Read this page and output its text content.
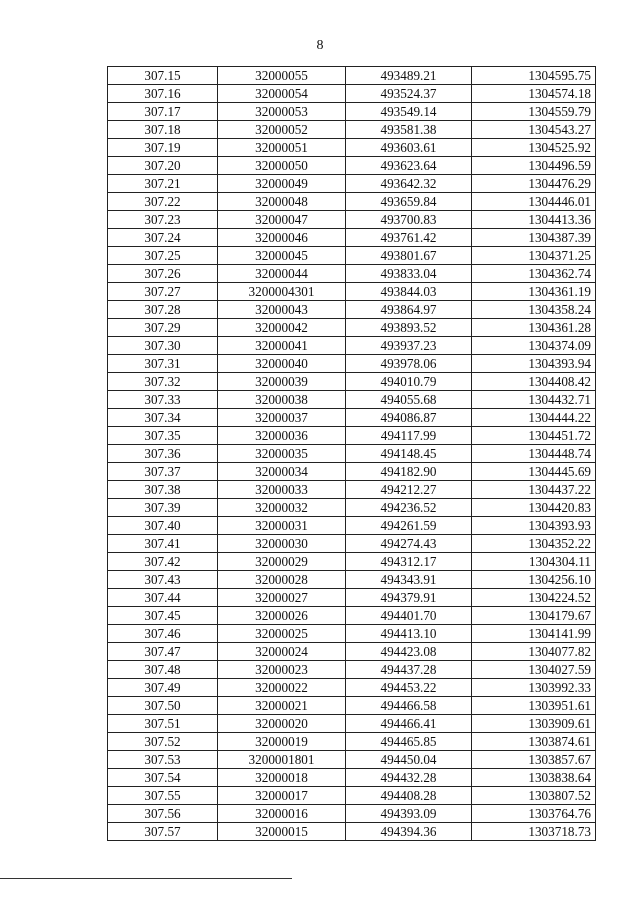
8
307.15	32000055	493489.21	1304595.75
307.16	32000054	493524.37	1304574.18
307.17	32000053	493549.14	1304559.79
307.18	32000052	493581.38	1304543.27
307.19	32000051	493603.61	1304525.92
307.20	32000050	493623.64	1304496.59
307.21	32000049	493642.32	1304476.29
307.22	32000048	493659.84	1304446.01
307.23	32000047	493700.83	1304413.36
307.24	32000046	493761.42	1304387.39
307.25	32000045	493801.67	1304371.25
307.26	32000044	493833.04	1304362.74
307.27	3200004301	493844.03	1304361.19
307.28	32000043	493864.97	1304358.24
307.29	32000042	493893.52	1304361.28
307.30	32000041	493937.23	1304374.09
307.31	32000040	493978.06	1304393.94
307.32	32000039	494010.79	1304408.42
307.33	32000038	494055.68	1304432.71
307.34	32000037	494086.87	1304444.22
307.35	32000036	494117.99	1304451.72
307.36	32000035	494148.45	1304448.74
307.37	32000034	494182.90	1304445.69
307.38	32000033	494212.27	1304437.22
307.39	32000032	494236.52	1304420.83
307.40	32000031	494261.59	1304393.93
307.41	32000030	494274.43	1304352.22
307.42	32000029	494312.17	1304304.11
307.43	32000028	494343.91	1304256.10
307.44	32000027	494379.91	1304224.52
307.45	32000026	494401.70	1304179.67
307.46	32000025	494413.10	1304141.99
307.47	32000024	494423.08	1304077.82
307.48	32000023	494437.28	1304027.59
307.49	32000022	494453.22	1303992.33
307.50	32000021	494466.58	1303951.61
307.51	32000020	494466.41	1303909.61
307.52	32000019	494465.85	1303874.61
307.53	3200001801	494450.04	1303857.67
307.54	32000018	494432.28	1303838.64
307.55	32000017	494408.28	1303807.52
307.56	32000016	494393.09	1303764.76
307.57	32000015	494394.36	1303718.73
